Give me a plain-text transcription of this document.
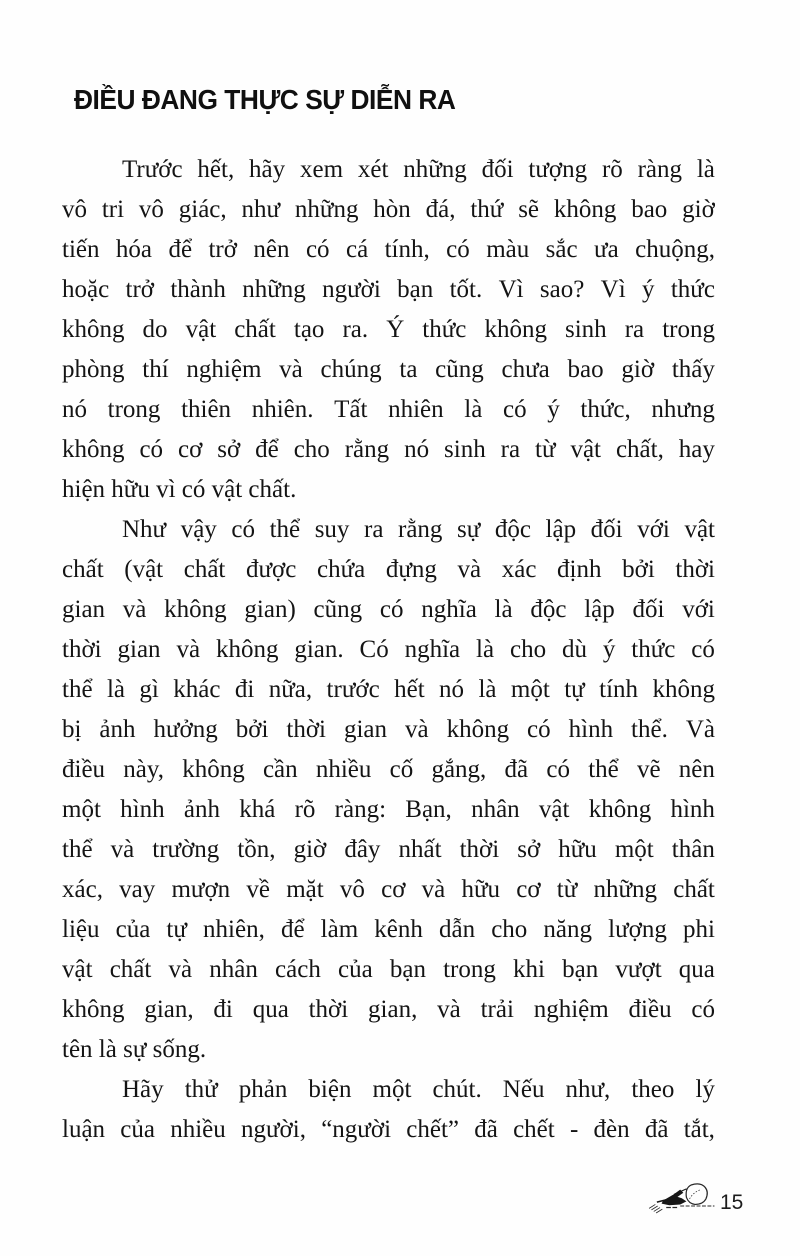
ĐIỀU ĐANG THỰC SỰ DIỄN RA
Trước hết, hãy xem xét những đối tượng rõ ràng là
vô tri vô giác, như những hòn đá, thứ sẽ không bao giờ
tiến hóa để trở nên có cá tính, có màu sắc ưa chuộng,
hoặc trở thành những người bạn tốt. Vì sao? Vì ý thức
không do vật chất tạo ra. Ý thức không sinh ra trong
phòng thí nghiệm và chúng ta cũng chưa bao giờ thấy
nó trong thiên nhiên. Tất nhiên là có ý thức, nhưng
không có cơ sở để cho rằng nó sinh ra từ vật chất, hay
hiện hữu vì có vật chất.
Như vậy có thể suy ra rằng sự độc lập đối với vật
chất (vật chất được chứa đựng và xác định bởi thời
gian và không gian) cũng có nghĩa là độc lập đối với
thời gian và không gian. Có nghĩa là cho dù ý thức có
thể là gì khác đi nữa, trước hết nó là một tự tính không
bị ảnh hưởng bởi thời gian và không có hình thể. Và
điều này, không cần nhiều cố gắng, đã có thể vẽ nên
một hình ảnh khá rõ ràng: Bạn, nhân vật không hình
thể và trường tồn, giờ đây nhất thời sở hữu một thân
xác, vay mượn về mặt vô cơ và hữu cơ từ những chất
liệu của tự nhiên, để làm kênh dẫn cho năng lượng phi
vật chất và nhân cách của bạn trong khi bạn vượt qua
không gian, đi qua thời gian, và trải nghiệm điều có
tên là sự sống.
Hãy thử phản biện một chút. Nếu như, theo lý
luận của nhiều người, “người chết” đã chết - đèn đã tắt,
15
